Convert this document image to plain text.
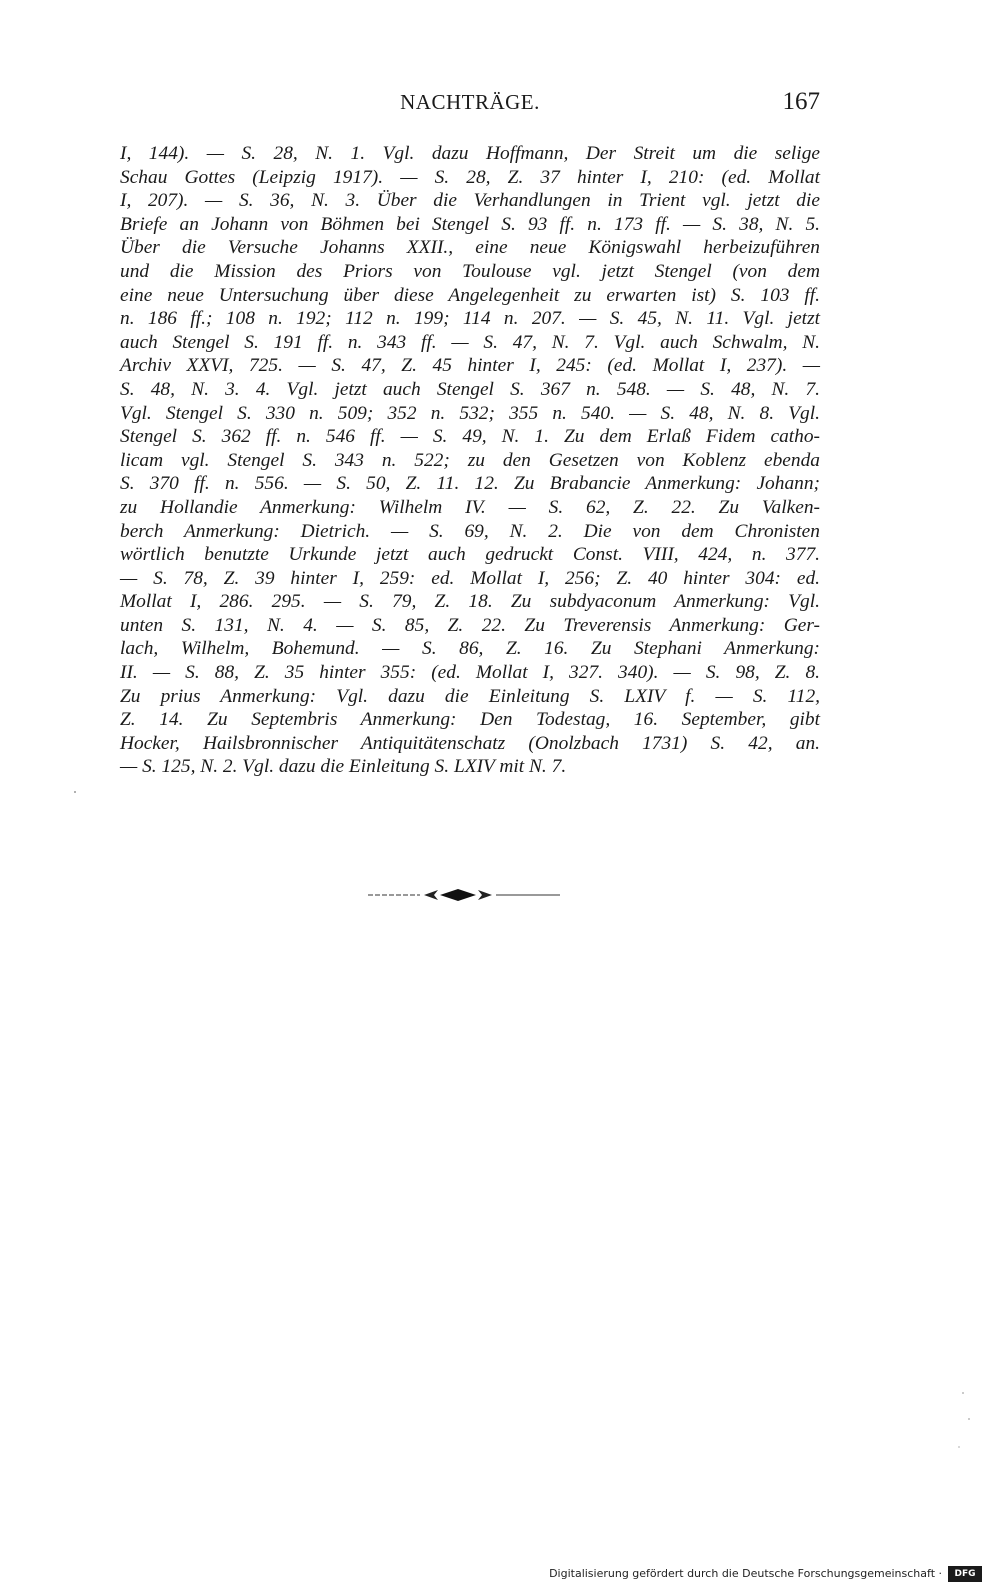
NACHTRÄGE.	167
I, 144). — S. 28, N. 1. Vgl. dazu Hoffmann, Der Streit um die selige
Schau Gottes (Leipzig 1917). — S. 28, Z. 37 hinter I, 210: (ed. Mollat
I, 207). — S. 36, N. 3. Über die Verhandlungen in Trient vgl. jetzt die
Briefe an Johann von Böhmen bei Stengel S. 93 ff. n. 173 ff. — S. 38, N. 5.
Über die Versuche Johanns XXII., eine neue Königswahl herbeizuführen
und die Mission des Priors von Toulouse vgl. jetzt Stengel (von dem
eine neue Untersuchung über diese Angelegenheit zu erwarten ist) S. 103 ff.
n. 186 ff.; 108 n. 192; 112 n. 199; 114 n. 207. — S. 45, N. 11. Vgl. jetzt
auch Stengel S. 191 ff. n. 343 ff. — S. 47, N. 7. Vgl. auch Schwalm, N.
Archiv XXVI, 725. — S. 47, Z. 45 hinter I, 245: (ed. Mollat I, 237). —
S. 48, N. 3. 4. Vgl. jetzt auch Stengel S. 367 n. 548. — S. 48, N. 7.
Vgl. Stengel S. 330 n. 509; 352 n. 532; 355 n. 540. — S. 48, N. 8. Vgl.
Stengel S. 362 ff. n. 546 ff. — S. 49, N. 1. Zu dem Erlaß Fidem catho-
licam vgl. Stengel S. 343 n. 522; zu den Gesetzen von Koblenz ebenda
S. 370 ff. n. 556. — S. 50, Z. 11. 12. Zu Brabancie Anmerkung: Johann;
zu Hollandie Anmerkung: Wilhelm IV. — S. 62, Z. 22. Zu Valken-
berch Anmerkung: Dietrich. — S. 69, N. 2. Die von dem Chronisten
wörtlich benutzte Urkunde jetzt auch gedruckt Const. VIII, 424, n. 377.
— S. 78, Z. 39 hinter I, 259: ed. Mollat I, 256; Z. 40 hinter 304: ed.
Mollat I, 286. 295. — S. 79, Z. 18. Zu subdyaconum Anmerkung: Vgl.
unten S. 131, N. 4. — S. 85, Z. 22. Zu Treverensis Anmerkung: Ger-
lach, Wilhelm, Bohemund. — S. 86, Z. 16. Zu Stephani Anmerkung:
II. — S. 88, Z. 35 hinter 355: (ed. Mollat I, 327. 340). — S. 98, Z. 8.
Zu prius Anmerkung: Vgl. dazu die Einleitung S. LXIV f. — S. 112,
Z. 14. Zu Septembris Anmerkung: Den Todestag, 16. September, gibt
Hocker, Hailsbronnischer Antiquitätenschatz (Onolzbach 1731) S. 42, an.
— S. 125, N. 2. Vgl. dazu die Einleitung S. LXIV mit N. 7.
Digitalisierung gefördert durch die Deutsche Forschungsgemeinschaft ·	DFG
